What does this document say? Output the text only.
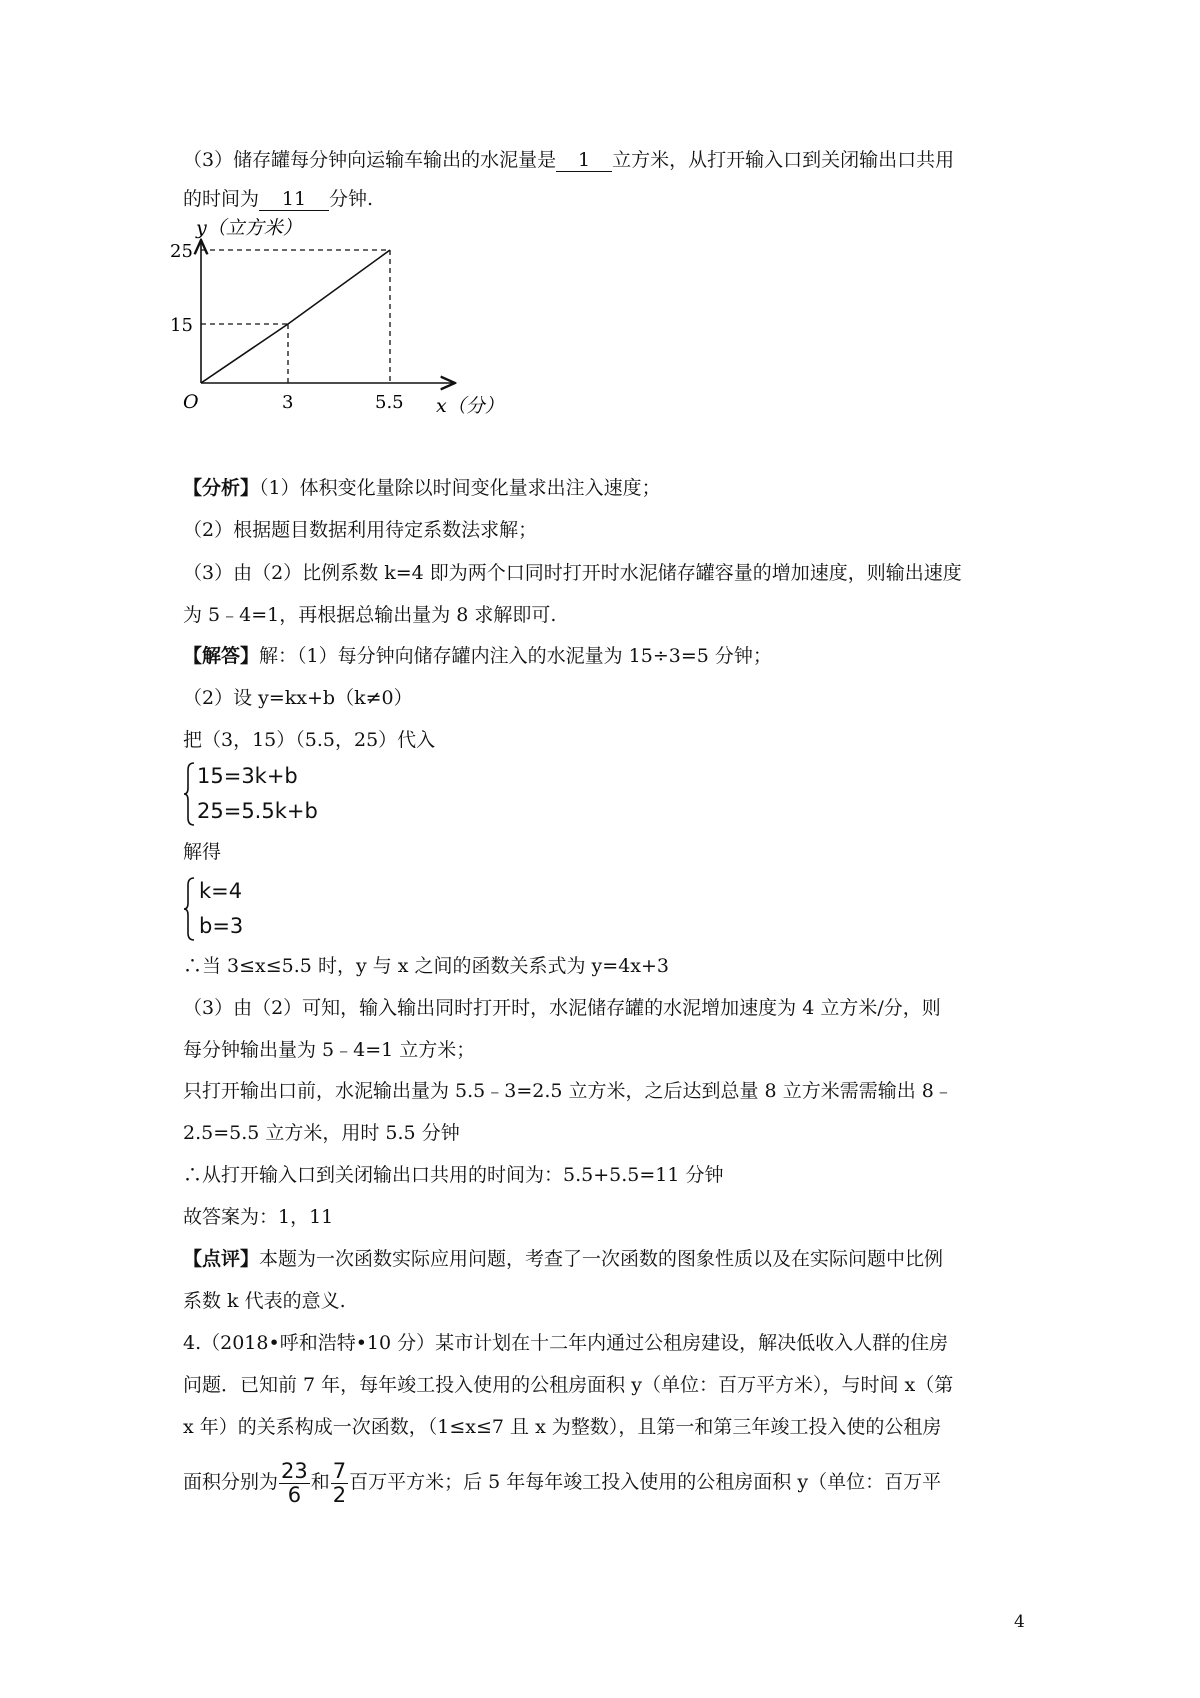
（3）储存罐每分钟向运输车输出的水泥量是 1 立方米，从打开输入口到关闭输出口共用
的时间为 11 分钟.
y（立方米）
x（分）
O
25
15
3	5.5
【分析】（1）体积变化量除以时间变化量求出注入速度；
（2）根据题目数据利用待定系数法求解；
（3）由（2）比例系数 k=4 即为两个口同时打开时水泥储存罐容量的增加速度，则输出速度
为 5﹣4=1，再根据总输出量为 8 求解即可.
【解答】解：（1）每分钟向储存罐内注入的水泥量为 15÷3=5 分钟；
（2）设 y=kx+b（k≠0）
把（3，15）（5.5，25）代入
15=3k+b
25=5.5k+b
解得
k=4
b=3
∴当 3≤x≤5.5 时，y 与 x 之间的函数关系式为 y=4x+3
（3）由（2）可知，输入输出同时打开时，水泥储存罐的水泥增加速度为 4 立方米/分，则
每分钟输出量为 5﹣4=1 立方米；
只打开输出口前，水泥输出量为 5.5﹣3=2.5 立方米，之后达到总量 8 立方米需需输出 8﹣
2.5=5.5 立方米，用时 5.5 分钟
∴从打开输入口到关闭输出口共用的时间为：5.5+5.5=11 分钟
故答案为：1，11
【点评】本题为一次函数实际应用问题，考查了一次函数的图象性质以及在实际问题中比例
系数 k 代表的意义.
4.（2018•呼和浩特•10 分）某市计划在十二年内通过公租房建设，解决低收入人群的住房
问题．已知前 7 年，每年竣工投入使用的公租房面积 y（单位：百万平方米），与时间 x（第
x 年）的关系构成一次函数，（1≤x≤7 且 x 为整数），且第一和第三年竣工投入使的公租房
面积分别为 $\frac{23}{6}$ 和 $\frac{7}{2}$ 百万平方米；后 5 年每年竣工投入使用的公租房面积 y（单位：百万平
4
